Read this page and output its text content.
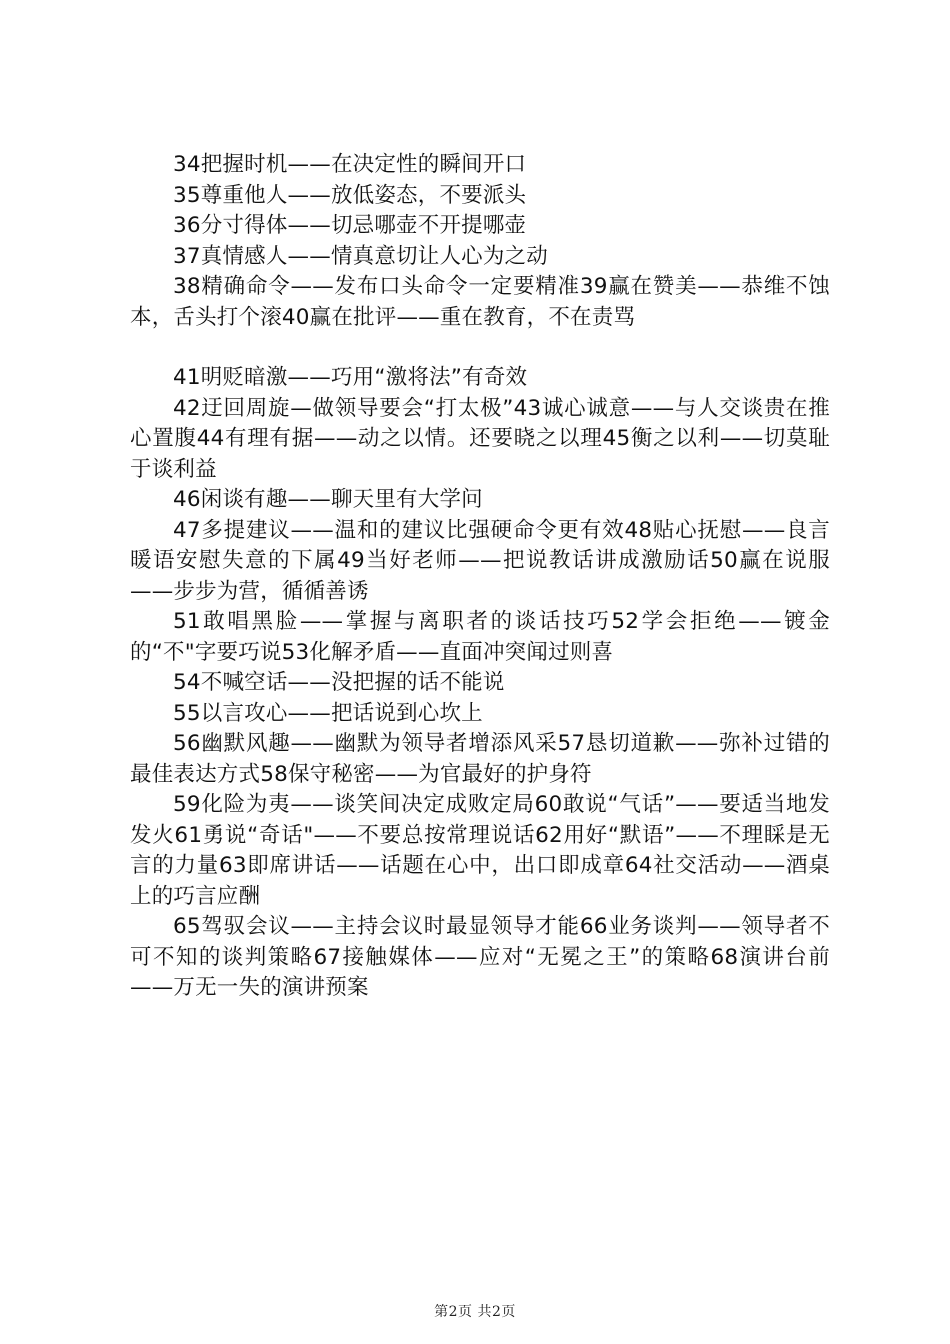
34把握时机——在决定性的瞬间开口

35尊重他人——放低姿态，不要派头

36分寸得体——切忌哪壶不开提哪壶

37真情感人——情真意切让人心为之动

38精确命令——发布口头命令一定要精准39赢在赞美——恭维不蚀本，舌头打个滚40赢在批评——重在教育，不在责骂

41明贬暗激——巧用“激将法”有奇效

42迂回周旋—做领导要会“打太极”43诚心诚意——与人交谈贵在推心置腹44有理有据——动之以情。还要晓之以理45衡之以利——切莫耻于谈利益

46闲谈有趣——聊天里有大学问

47多提建议——温和的建议比强硬命令更有效48贴心抚慰——良言暖语安慰失意的下属49当好老师——把说教话讲成激励话50赢在说服——步步为营，循循善诱

51敢唱黑脸——掌握与离职者的谈话技巧52学会拒绝——镀金的“不"字要巧说53化解矛盾——直面冲突闻过则喜

54不喊空话——没把握的话不能说

55以言攻心——把话说到心坎上

56幽默风趣——幽默为领导者增添风采57恳切道歉——弥补过错的最佳表达方式58保守秘密——为官最好的护身符

59化险为夷——谈笑间决定成败定局60敢说“气话”——要适当地发发火61勇说“奇话"——不要总按常理说话62用好“默语”——不理睬是无言的力量63即席讲话——话题在心中，出口即成章64社交活动——酒桌上的巧言应酬

65驾驭会议——主持会议时最显领导才能66业务谈判——领导者不可不知的谈判策略67接触媒体——应对“无冕之王”的策略68演讲台前——万无一失的演讲预案

第2页 共2页
